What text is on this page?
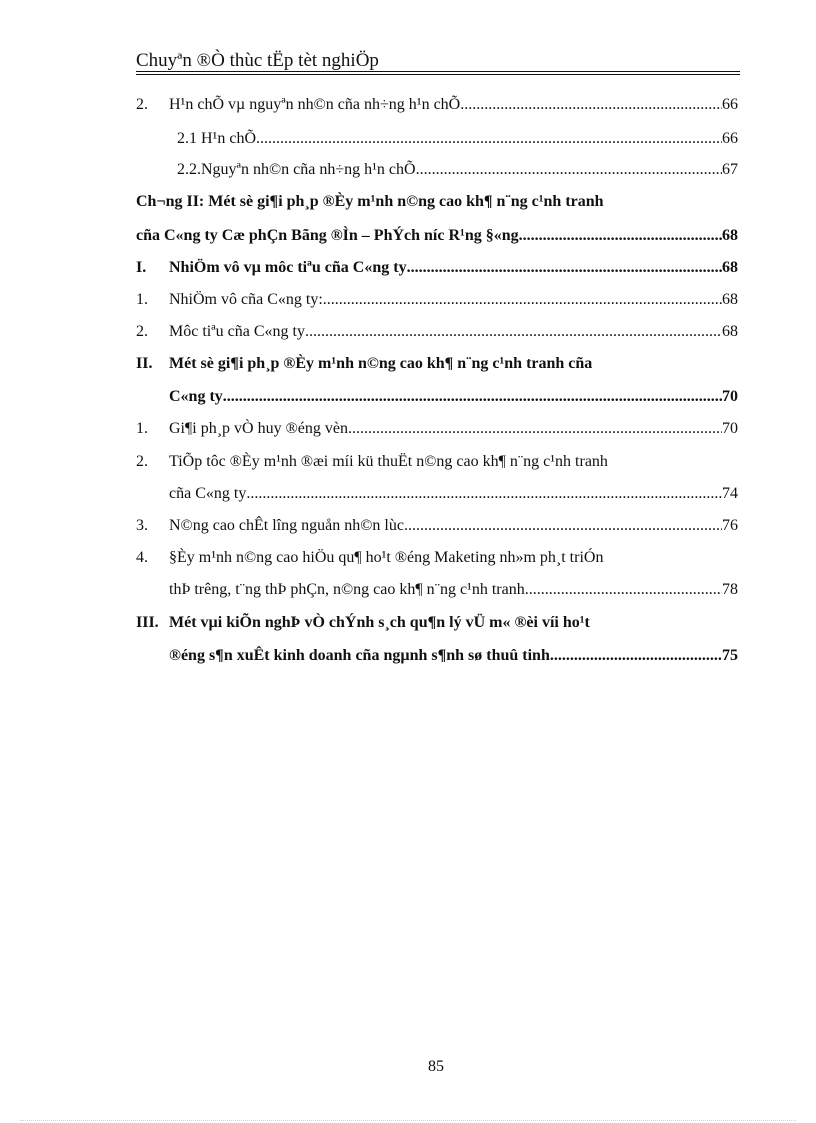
Chuyªn ®Ò thùc tËp tèt nghiÖp
2.	H¹n chÕ vµ nguyªn nh©n cña nh÷ng h¹n chÕ .....	66
2.1 H¹n chÕ .....	66
2.2.Nguyªn nh©n cña nh÷ng h¹n chÕ .....	67
Ch¬ng II: Mét sè gi¶i ph¸p ®Èy m¹nh n©ng cao kh¶ n¨ng c¹nh tranh
cña C«ng ty Cæ phÇn Bãng ®Ìn – PhÝch níc R¹ng §«ng .....	68
I.	NhiÖm vô vµ môc tiªu cña C«ng ty .....	68
1.	NhiÖm vô cña C«ng ty: .....	68
2.	Môc tiªu cña C«ng ty .....	68
II.	Mét sè gi¶i ph¸p ®Èy m¹nh n©ng cao kh¶ n¨ng c¹nh tranh cña
C«ng ty .....	70
1.	Gi¶i ph¸p vÒ huy ®éng vèn .....	70
2.	TiÕp tôc ®Èy m¹nh ®æi míi kü thuËt n©ng cao kh¶ n¨ng c¹nh tranh
cña C«ng ty .....	74
3.	N©ng cao chÊt lîng nguån nh©n lùc .....	76
4.	§Èy m¹nh n©ng cao hiÖu qu¶ ho¹t ®éng Maketing nh»m ph¸t triÓn
thÞ trêng, t¨ng thÞ phÇn, n©ng cao kh¶ n¨ng c¹nh tranh. .....	78
III. Mét vµi kiÕn nghÞ vÒ chÝnh s¸ch qu¶n lý vÜ m« ®èi víi ho¹t
®éng s¶n xuÊt kinh doanh cña ngµnh s¶nh sø thuû tinh .....	75
85
